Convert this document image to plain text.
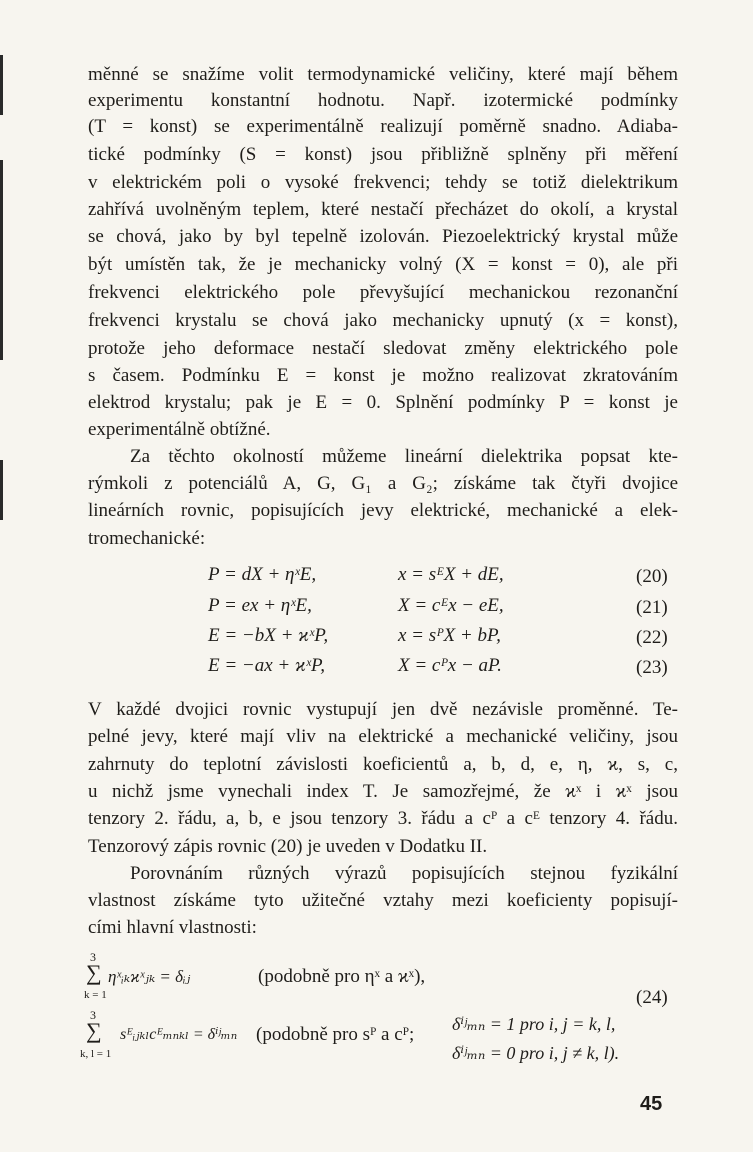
měnné se snažíme volit termodynamické veličiny, které mají během
experimentu konstantní hodnotu. Např. izotermické podmínky
(T = konst) se experimentálně realizují poměrně snadno. Adiaba-
tické podmínky (S = konst) jsou přibližně splněny při měření
v elektrickém poli o vysoké frekvenci; tehdy se totiž dielektrikum
zahřívá uvolněným teplem, které nestačí přecházet do okolí, a krystal
se chová, jako by byl tepelně izolován. Piezoelektrický krystal může
být umístěn tak, že je mechanicky volný (X = konst = 0), ale při
frekvenci elektrického pole převyšující mechanickou rezonanční
frekvenci krystalu se chová jako mechanicky upnutý (x = konst),
protože jeho deformace nestačí sledovat změny elektrického pole
s časem. Podmínku E = konst je možno realizovat zkratováním
elektrod krystalu; pak je E = 0. Splnění podmínky P = konst je
experimentálně obtížné.
Za těchto okolností můžeme lineární dielektrika popsat kte-
rýmkoli z potenciálů A, G, G₁ a G₂; získáme tak čtyři dvojice
lineárních rovnic, popisujících jevy elektrické, mechanické a elek-
tromechanické:
P = dX + ηˣE,	x = sᴱX + dE,	(20)
P = ex + ηˣE,	X = cᴱx − eE,	(21)
E = −bX + ϰˣP,	x = sᴾX + bP,	(22)
E = −ax + ϰˣP,	X = cᴾx − aP.	(23)
V každé dvojici rovnic vystupují jen dvě nezávisle proměnné. Te-
pelné jevy, které mají vliv na elektrické a mechanické veličiny, jsou
zahrnuty do teplotní závislosti koeficientů a, b, d, e, η, ϰ, s, c,
u nichž jsme vynechali index T. Je samozřejmé, že ϰˣ i ϰˣ jsou
tenzory 2. řádu, a, b, e jsou tenzory 3. řádu a cᴾ a cᴱ tenzory 4. řádu.
Tenzorový zápis rovnic (20) je uveden v Dodatku II.
Porovnáním různých výrazů popisujících stejnou fyzikální
vlastnost získáme tyto užitečné vztahy mezi koeficienty popisují-
cími hlavní vlastnosti:
3
∑
k = 1
ηˣᵢₖϰˣⱼₖ = δᵢⱼ	(podobně pro ηˣ a ϰˣ),
(24)
3
∑
k, l = 1
sᴱᵢⱼₖₗcᴱₘₙₖₗ = δⁱʲₘₙ (podobně pro sᴾ a cᴾ; δⁱʲₘₙ = 1 pro i, j = k, l,
δⁱʲₘₙ = 0 pro i, j ≠ k, l).
45
